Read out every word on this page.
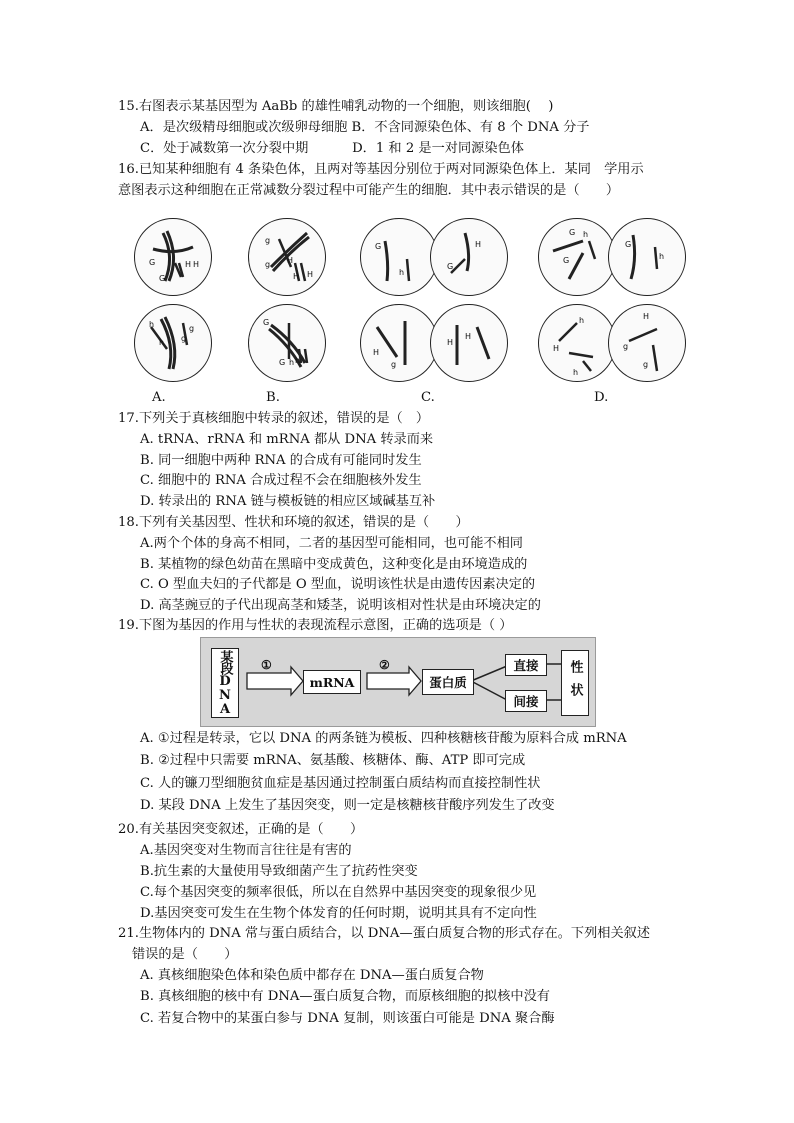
15.右图表示某基因型为 AaBb 的雄性哺乳动物的一个细胞，则该细胞(　 )
A．是次级精母细胞或次级卵母细胞 B．不含同源染色体、有 8 个 DNA 分子
C．处于减数第一次分裂中期　　　 D．1 和 2 是一对同源染色体
16.已知某种细胞有 4 条染色体，且两对等基因分别位于两对同源染色体上．某同　学用示
意图表示这种细胞在正常减数分裂过程中可能产生的细胞．其中表示错误的是（　　）
G
G
H H
h
h
g
g
g
g H
H H
G
G h h
G
h
H
G
g
H
H
H
G
G
h
G
h
h
H
h
H
g
g
A.	B.	C.	D.
17.下列关于真核细胞中转录的叙述，错误的是（　）
A. tRNA、rRNA 和 mRNA 都从 DNA 转录而来
B. 同一细胞中两种 RNA 的合成有可能同时发生
C. 细胞中的 RNA 合成过程不会在细胞核外发生
D. 转录出的 RNA 链与模板链的相应区域碱基互补
18.下列有关基因型、性状和环境的叙述，错误的是（　　）
A.两个个体的身高不相同，二者的基因型可能相同，也可能不相同
B. 某植物的绿色幼苗在黑暗中变成黄色，这种变化是由环境造成的
C. O 型血夫妇的子代都是 O 型血，说明该性状是由遗传因素决定的
D. 高茎豌豆的子代出现高茎和矮茎，说明该相对性状是由环境决定的
19.下图为基因的作用与性状的表现流程示意图，正确的选项是（ ）
某段DNA	①
mRNA
②
蛋白质
直接
间接	性状
A. ①过程是转录，它以 DNA 的两条链为模板、四种核糖核苷酸为原料合成 mRNA
B. ②过程中只需要 mRNA、氨基酸、核糖体、酶、ATP 即可完成
C. 人的镰刀型细胞贫血症是基因通过控制蛋白质结构而直接控制性状
D. 某段 DNA 上发生了基因突变，则一定是核糖核苷酸序列发生了改变
20.有关基因突变叙述，正确的是（　　）
A.基因突变对生物而言往往是有害的
B.抗生素的大量使用导致细菌产生了抗药性突变
C.每个基因突变的频率很低，所以在自然界中基因突变的现象很少见
D.基因突变可发生在生物个体发育的任何时期，说明其具有不定向性
21.生物体内的 DNA 常与蛋白质结合，以 DNA—蛋白质复合物的形式存在。下列相关叙述
错误的是（　　）
A. 真核细胞染色体和染色质中都存在 DNA—蛋白质复合物
B. 真核细胞的核中有 DNA—蛋白质复合物，而原核细胞的拟核中没有
C. 若复合物中的某蛋白参与 DNA 复制，则该蛋白可能是 DNA 聚合酶
